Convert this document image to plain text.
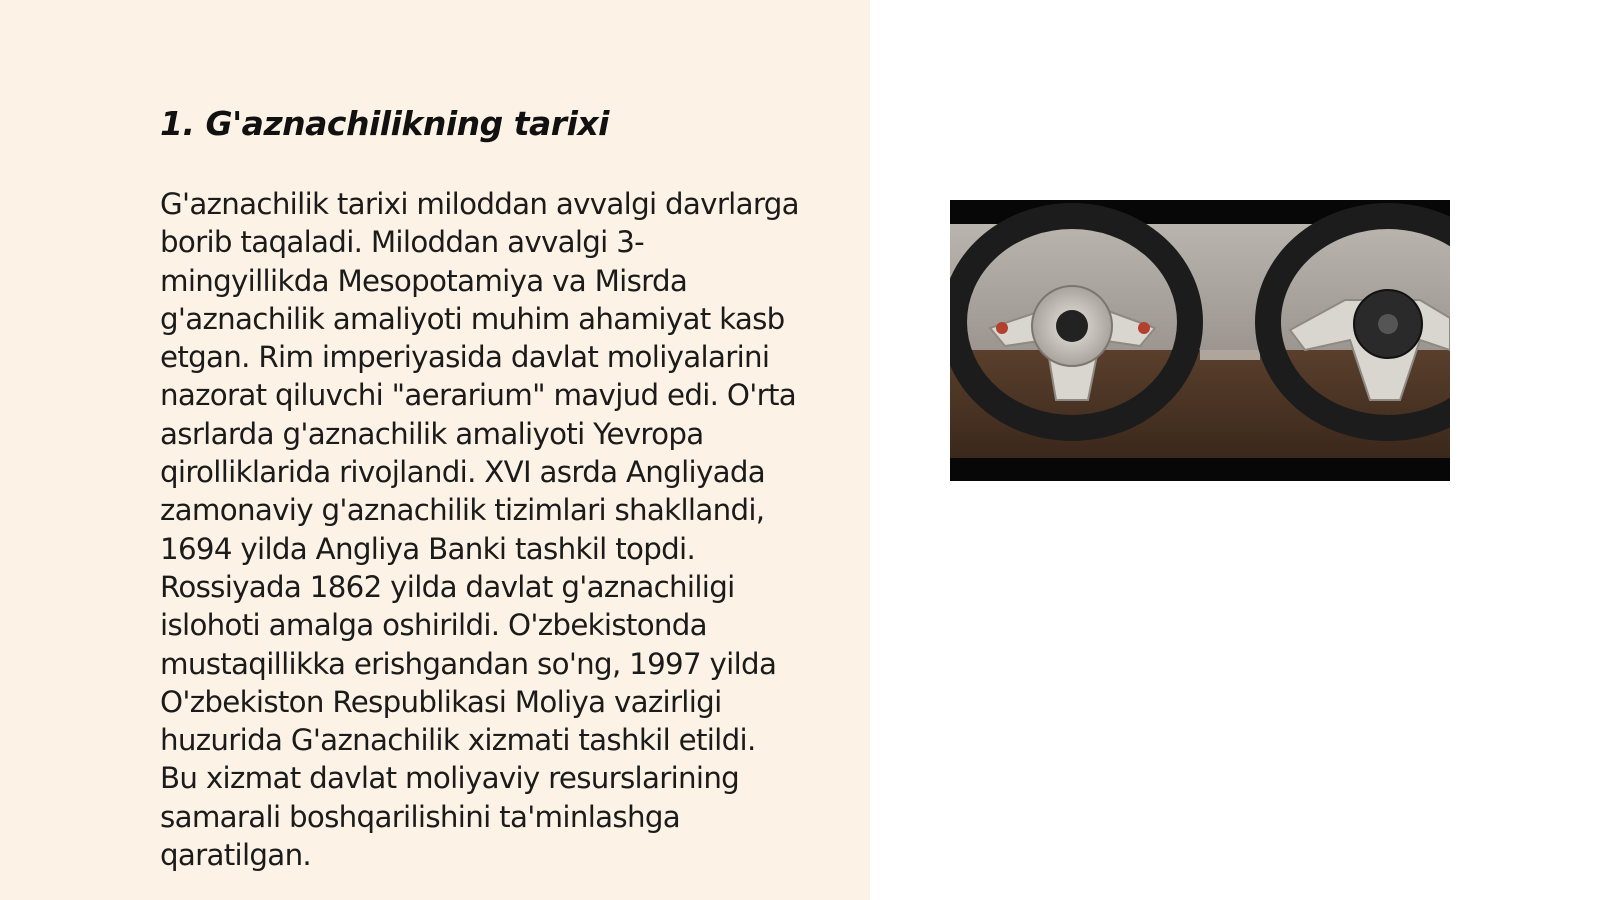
1. G'aznachilikning tarixi

G'aznachilik tarixi miloddan avvalgi davrlarga
borib taqaladi. Miloddan avvalgi 3-
mingyillikda Mesopotamiya va Misrda
g'aznachilik amaliyoti muhim ahamiyat kasb
etgan. Rim imperiyasida davlat moliyalarini
nazorat qiluvchi "aerarium" mavjud edi. O'rta
asrlarda g'aznachilik amaliyoti Yevropa
qirolliklarida rivojlandi. XVI asrda Angliyada
zamonaviy g'aznachilik tizimlari shakllandi,
1694 yilda Angliya Banki tashkil topdi.
Rossiyada 1862 yilda davlat g'aznachiligi
islohoti amalga oshirildi. O'zbekistonda
mustaqillikka erishgandan so'ng, 1997 yilda
O'zbekiston Respublikasi Moliya vazirligi
huzurida G'aznachilik xizmati tashkil etildi.
Bu xizmat davlat moliyaviy resurslarining
samarali boshqarilishini ta'minlashga
qaratilgan.
